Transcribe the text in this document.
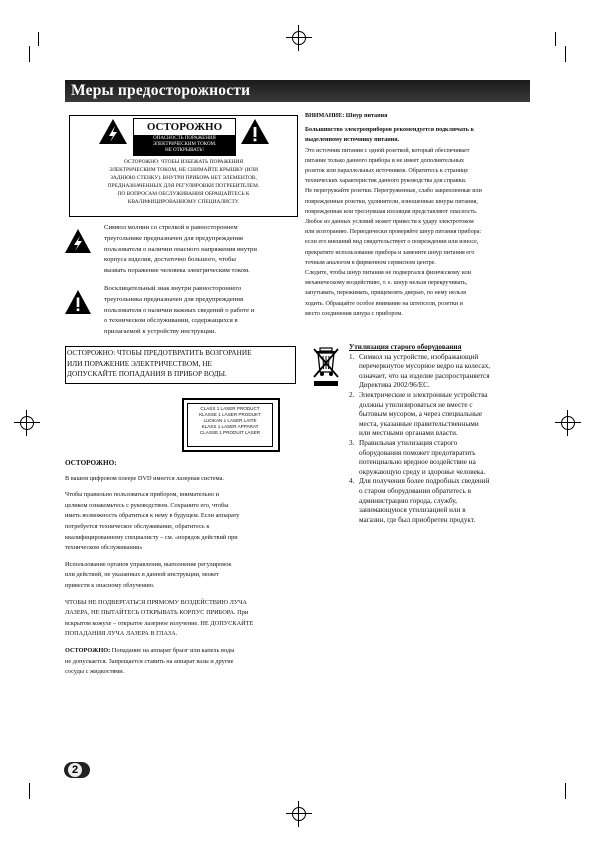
Меры предосторожности
ОСТОРОЖНО
ОПАСНОСТЬ ПОРАЖЕНИЯ
ЭЛЕКТРИЧЕСКИМ ТОКОМ.
НЕ ОТКРЫВАТЬ!
ОСТОРОЖНО: ЧТОБЫ ИЗБЕЖАТЬ ПОРАЖЕНИЯ
ЭЛЕКТРИЧЕСКИМ ТОКОМ, НЕ СНИМАЙТЕ КРЫШКУ (ИЛИ
ЗАДНЮЮ СТЕНКУ). ВНУТРИ ПРИБОРА НЕТ ЭЛЕМЕНТОВ,
ПРЕДНАЗНАЧЕННЫХ ДЛЯ РЕГУЛИРОВКИ ПОТРЕБИТЕЛЕМ.
ПО ВОПРОСАМ ОБСЛУЖИВАНИЯ ОБРАЩАЙТЕСЬ К
КВАЛИФИЦИРОВАННОМУ СПЕЦИАЛИСТУ.
Символ молнии со стрелкой в равностороннем
треугольнике предназначен для предупреждения
пользователя о наличии опасного напряжения внутри
корпуса изделия, достаточно большого, чтобы
вызвать поражение человека электрическим током.
Восклицательный знак внутри равностороннего
треугольника предназначен для предупреждения
пользователя о наличии важных сведений о работе и
о техническом обслуживании, содержащихся в
прилагаемой к устройству инструкции.
ОСТОРОЖНО: ЧТОБЫ ПРЕДОТВРАТИТЬ ВОЗГОРАНИЕ
ИЛИ ПОРАЖЕНИЕ ЭЛЕКТРИЧЕСТВОМ, НЕ
ДОПУСКАЙТЕ ПОПАДАНИЯ В ПРИБОР ВОДЫ.
CLASS 1 LASER PRODUCT
KLASSE 1 LASER PRODUKT
LUOKAN 1 LASER LAITE
KLASS 1 LASER APPARAT
CLASSE 1 PRODUIT LASER
ОСТОРОЖНО:
В вашем цифровом плеере DVD имеется лазерная система.
Чтобы правильно пользоваться прибором, внимательно и
целиком ознакомьтесь с руководством. Сохраните его, чтобы
иметь возможность обратиться к нему в будущем. Если аппарату
потребуется техническое обслуживание, обратитесь к
квалифицированному специалисту – см. «порядок действий при
техническом обслуживании»
Использование органов управления, выполнение регулировок
или действий, не указанных в данной инструкции, может
привести к опасному облучению.
ЧТОБЫ НЕ ПОДВЕРГАТЬСЯ ПРЯМОМУ ВОЗДЕЙСТВИЮ ЛУЧА
ЛАЗЕРА, НЕ ПЫТАЙТЕСЬ ОТКРЫВАТЬ КОРПУС ПРИБОРА. При
вскрытом кожухе – открытое лазерное излучение. НЕ ДОПУСКАЙТЕ
ПОПАДАНИЯ ЛУЧА ЛАЗЕРА В ГЛАЗА.
ОСТОРОЖНО: Попадание на аппарат брызг или капель воды
не допускается. Запрещается ставить на аппарат вазы и другие
сосуды с жидкостями.
ВНИМАНИЕ: Шнур питания
Большинство электроприборов рекомендуется подключать к
выделенному источнику питания.
Это источник питания с одной розеткой, который обеспечивает
питание только данного прибора и не имеет дополнительных
розеток или параллельных источников. Обратитесь к странице
технических характеристик данного руководства для справки.
Не перегружайте розетки. Перегруженные, слабо закрепленные или
поврежденные розетки, удлинители, изношенные шнуры питания,
поврежденная или треснувшая изоляция представляют опасность.
Любое из данных условий может привести к удару электротоком
или возгоранию. Периодически проверяйте шнур питания прибора:
если его внешний вид свидетельствует о повреждении или износе,
прекратите использование прибора и замените шнур питания его
точным аналогом в фирменном сервисном центре.
Следите, чтобы шнур питания не подвергался физическому или
механическому воздействию, т. е. шнур нельзя перекручивать,
запутывать, пережимать, прищемлять дверью, по нему нельзя
ходить. Обращайте особое внимание на штепсели, розетки и
место соединения шнура с прибором.
Утилизация старого оборудования
1. Символ на устройстве, изображающий
перечеркнутое мусорное ведро на колесах,
означает, что на изделие распространяется
Директива 2002/96/EC.
2. Электрические и электронные устройства
должны утилизироваться не вместе с
бытовым мусором, а через специальные
места, указанные правительственными
или местными органами власти.
3. Правильная утилизация старого
оборудования поможет предотвратить
потенциально вредное воздействие на
окружающую среду и здоровье человека.
4. Для получения более подробных сведений
о старом оборудовании обратитесь в
администрацию города, службу,
занимающуюся утилизацией или в
магазин, где был приобретен продукт.
2
